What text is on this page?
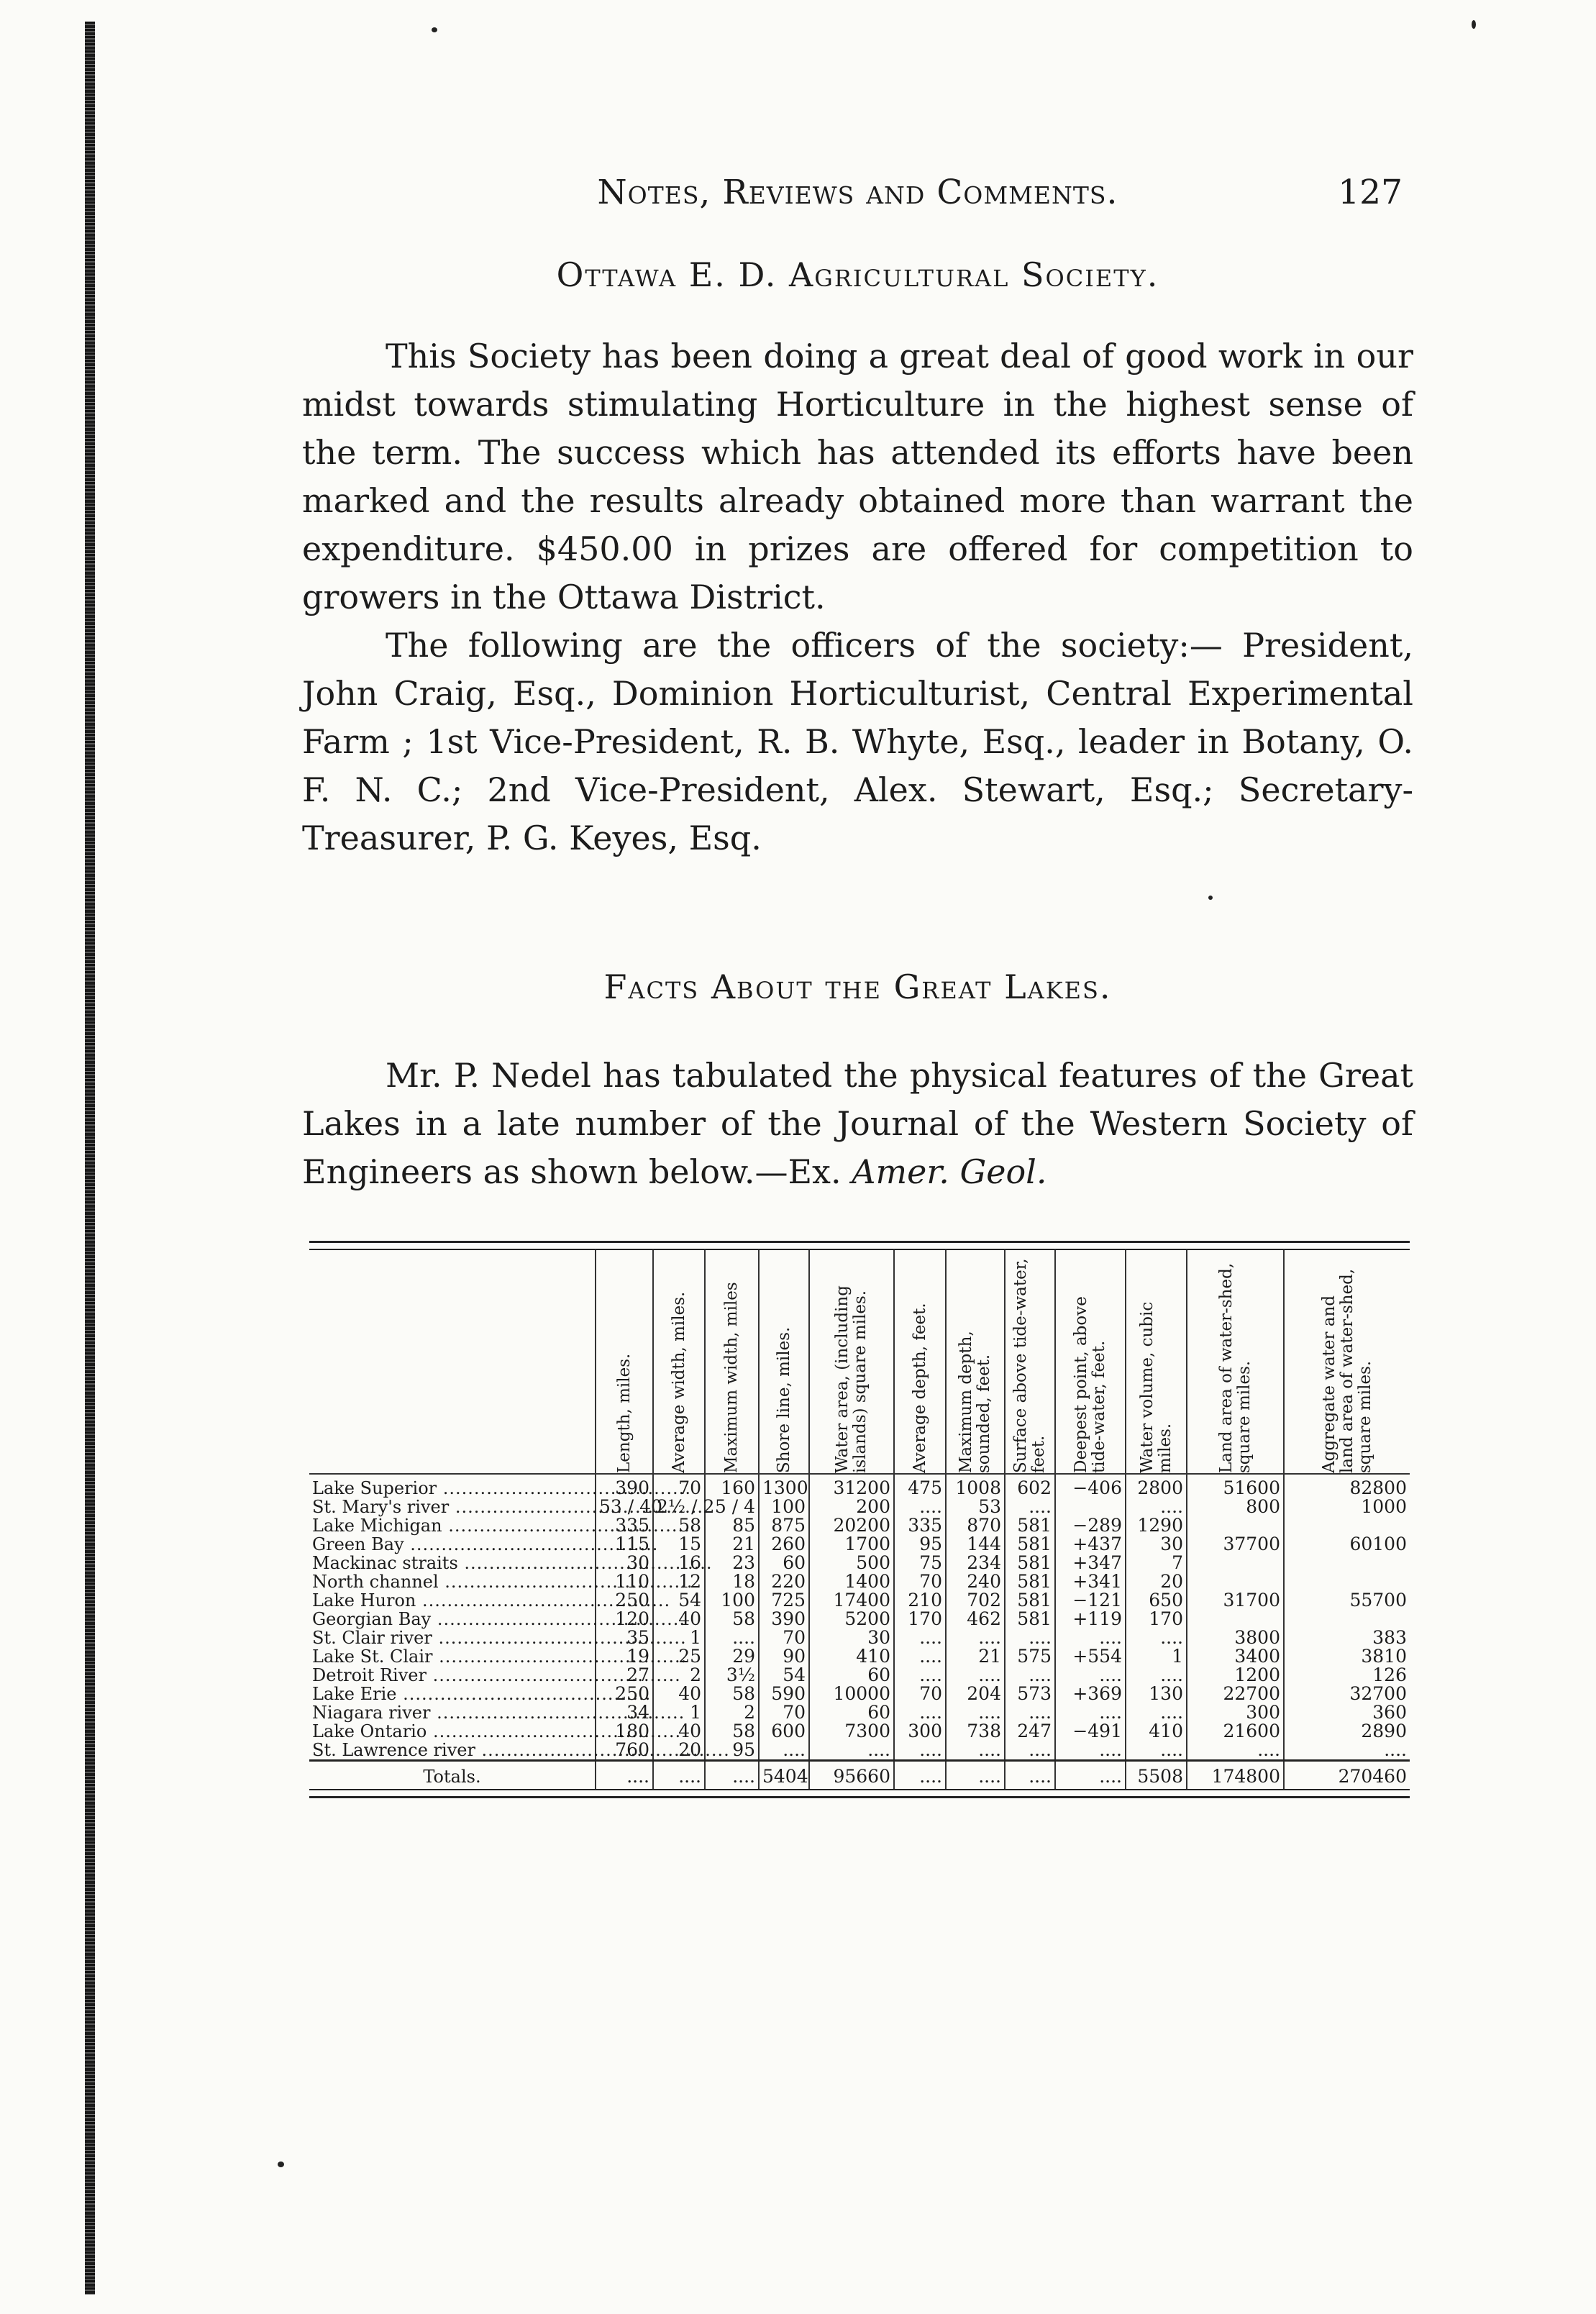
Notes, Reviews and Comments.	127
Ottawa E. D. Agricultural Society.

This Society has been doing a great deal of good work in our midst towards stimulating Horticulture in the highest sense of the term. The success which has attended its efforts have been marked and the results already obtained more than warrant the expenditure. $450.00 in prizes are offered for competition to growers in the Ottawa District.

The following are the officers of the society:— President, John Craig, Esq., Dominion Horticulturist, Central Experimental Farm ; 1st Vice-President, R. B. Whyte, Esq., leader in Botany, O. F. N. C.; 2nd Vice-President, Alex. Stewart, Esq.; Secretary-Treasurer, P. G. Keyes, Esq.

Facts About the Great Lakes.

Mr. P. Nedel has tabulated the physical features of the Great Lakes in a late number of the Journal of the Western Society of Engineers as shown below.—Ex. Amer. Geol.

	Length, miles.	Average width, miles.	Maximum width, miles	Shore line, miles.	Water area, (including islands) square miles.	Average depth, feet.	Maximum depth, sounded, feet.	Surface above tide-water, feet.	Deepest point, above tide-water, feet.	Water volume, cubic miles.	Land area of water-shed, square miles.	Aggregate water and land area of water-shed, square miles.

Lake Superior .....	390	70	160	1300	31200	475	1008	602	−406	2800	51600	82800
St. Mary's river .....	53 / 40	2½ / 2	5 / 4	100	200	....	53	....		....	800	1000
Lake Michigan .....	335	58	85	875	20200	335	870	581	−289	1290		
Green Bay .....	115	15	21	260	1700	95	144	581	+437	30	37700	60100
Mackinac straits .....	30	16	23	60	500	75	234	581	+347	7		
North channel .....	110	12	18	220	1400	70	240	581	+341	20		
Lake Huron .....	250	54	100	725	17400	210	702	581	−121	650	31700	55700
Georgian Bay .....	120	40	58	390	5200	170	462	581	+119	170		
St. Clair river .....	35	1	....	70	30	....	....	....	....	....	3800	383
Lake St. Clair .....	19	25	29	90	410	....	21	575	+554	1	3400	3810
Detroit River .....	27	2	3½	54	60	....	....	....	....	....	1200	126
Lake Erie .....	250	40	58	590	10000	70	204	573	+369	130	22700	32700
Niagara river .....	34	1	2	70	60	....	....	....	....	....	300	360
Lake Ontario .....	180	40	58	600	7300	300	738	247	−491	410	21600	2890
St. Lawrence river .....	760	20	95	....	....	....	....	....	....	....	....	....
Totals.	....	....	....	5404	95660	....	....	....	....	5508	174800	270460
